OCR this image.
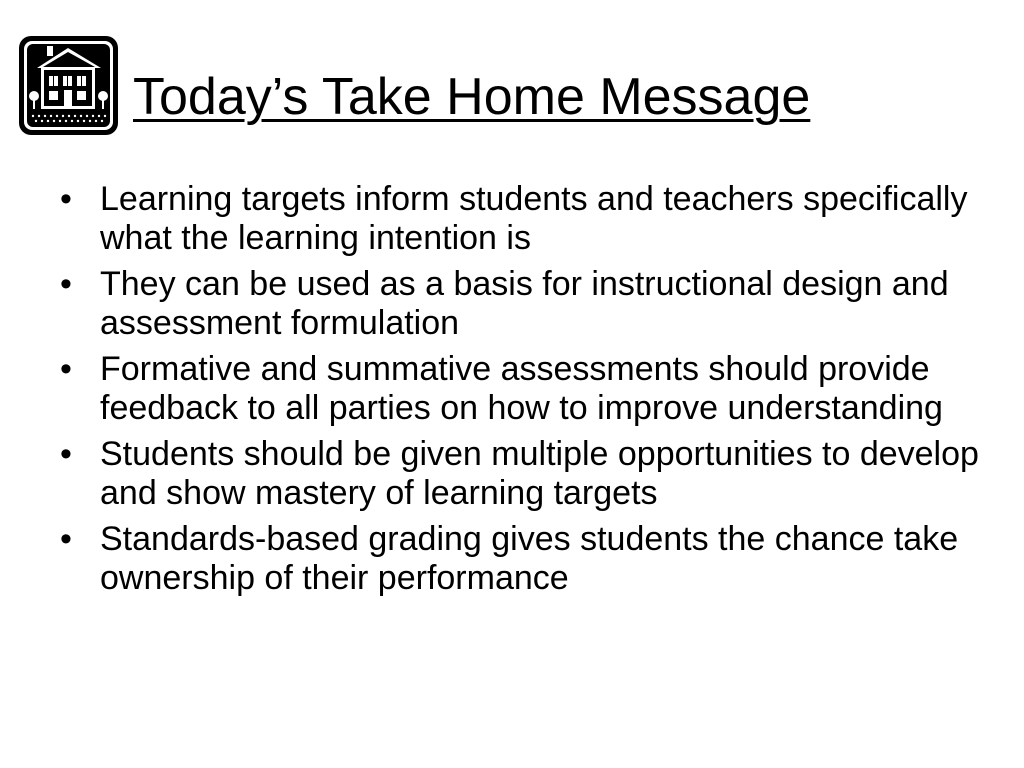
Today’s Take Home Message
• Learning targets inform students and teachers specifically what the learning intention is
• They can be used as a basis for instructional design and assessment formulation
• Formative and summative assessments should provide feedback to all parties on how to improve understanding
• Students should be given multiple opportunities to develop and show mastery of learning targets
• Standards-based grading gives students the chance take ownership of their performance
